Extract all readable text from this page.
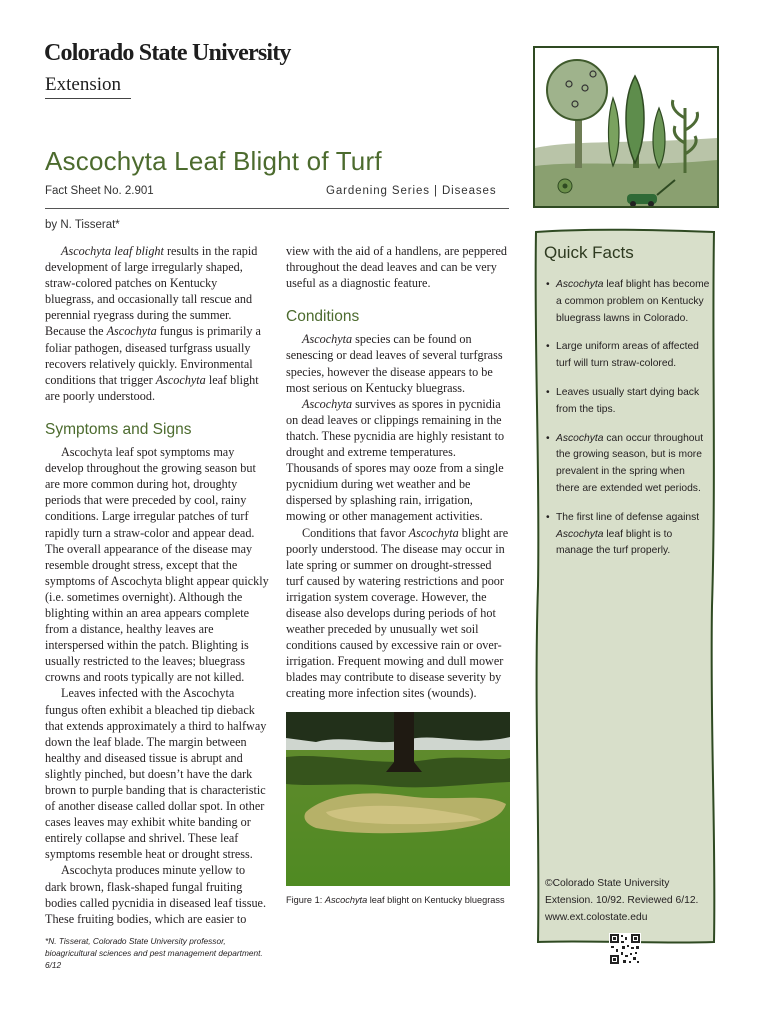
Colorado State University
Extension
Ascochyta Leaf Blight of Turf
Fact Sheet No. 2.901	Gardening Series | Diseases
by N. Tisserat*

Ascochyta leaf blight results in the rapid development of large irregularly shaped, straw-colored patches on Kentucky bluegrass, and occasionally tall rescue and perennial ryegrass during the summer. Because the Ascochyta fungus is primarily a foliar pathogen, diseased turfgrass usually recovers relatively quickly. Environmental conditions that trigger Ascochyta leaf blight are poorly understood.

Symptoms and Signs

Ascochyta leaf spot symptoms may develop throughout the growing season but are more common during hot, droughty periods that were preceded by cool, rainy conditions. Large irregular patches of turf rapidly turn a straw-color and appear dead. The overall appearance of the disease may resemble drought stress, except that the symptoms of Ascochyta blight appear quickly (i.e. sometimes overnight). Although the blighting within an area appears complete from a distance, healthy leaves are interspersed within the patch. Blighting is usually restricted to the leaves; bluegrass crowns and roots typically are not killed.

Leaves infected with the Ascochyta fungus often exhibit a bleached tip dieback that extends approximately a third to halfway down the leaf blade. The margin between healthy and diseased tissue is abrupt and slightly pinched, but doesn’t have the dark brown to purple banding that is characteristic of another disease called dollar spot. In other cases leaves may exhibit white banding or entirely collapse and shrivel. These leaf symptoms resemble heat or drought stress.

Ascochyta produces minute yellow to dark brown, flask-shaped fungal fruiting bodies called pycnidia in diseased leaf tissue. These fruiting bodies, which are easier to

view with the aid of a handlens, are peppered throughout the dead leaves and can be very useful as a diagnostic feature.

Conditions

Ascochyta species can be found on senescing or dead leaves of several turfgrass species, however the disease appears to be most serious on Kentucky bluegrass.

Ascochyta survives as spores in pycnidia on dead leaves or clippings remaining in the thatch. These pycnidia are highly resistant to drought and extreme temperatures. Thousands of spores may ooze from a single pycnidium during wet weather and be dispersed by splashing rain, irrigation, mowing or other management activities.

Conditions that favor Ascochyta blight are poorly understood. The disease may occur in late spring or summer on drought-stressed turf caused by watering restrictions and poor irrigation system coverage. However, the disease also develops during periods of hot weather preceded by unusually wet soil conditions caused by excessive rain or over-irrigation. Frequent mowing and dull mower blades may contribute to disease severity by creating more infection sites (wounds).

Figure 1: Ascochyta leaf blight on Kentucky bluegrass
*N. Tisserat, Colorado State University professor, bioagricultural sciences and pest management department. 6/12
Quick Facts
• Ascochyta leaf blight has become a common problem on Kentucky bluegrass lawns in Colorado.
• Large uniform areas of affected turf will turn straw-colored.
• Leaves usually start dying back from the tips.
• Ascochyta can occur throughout the growing season, but is more prevalent in the spring when there are extended wet periods.
• The first line of defense against Ascochyta leaf blight is to manage the turf properly.
©Colorado State University Extension. 10/92. Reviewed 6/12.
www.ext.colostate.edu
